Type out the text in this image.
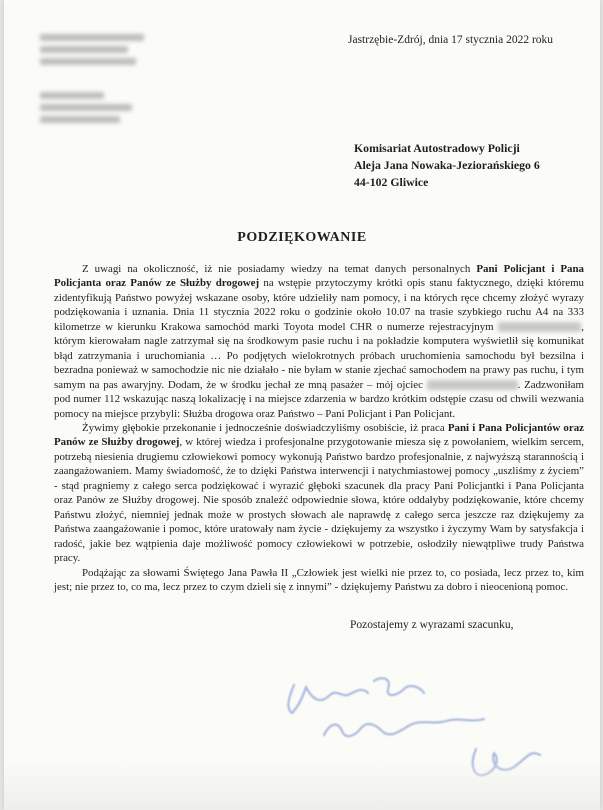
Jastrzębie-Zdrój, dnia 17 stycznia 2022 roku
Komisariat Autostradowy Policji
Aleja Jana Nowaka-Jeziorańskiego 6
44-102 Gliwice
PODZIĘKOWANIE

Z uwagi na okoliczność, iż nie posiadamy wiedzy na temat danych personalnych Pani Policjant i Pana Policjanta oraz Panów ze Służby drogowej na wstępie przytoczymy krótki opis stanu faktycznego, dzięki któremu zidentyfikują Państwo powyżej wskazane osoby, które udzieliły nam pomocy, i na których ręce chcemy złożyć wyrazy podziękowania i uznania. Dnia 11 stycznia 2022 roku o godzinie około 10.07 na trasie szybkiego ruchu A4 na 333 kilometrze w kierunku Krakowa samochód marki Toyota model CHR o numerze rejestracyjnym	, którym kierowałam nagle zatrzymał się na środkowym pasie ruchu i na pokładzie komputera wyświetlił się komunikat błąd zatrzymania i uruchomiania … Po podjętych wielokrotnych próbach uruchomienia samochodu był bezsilna i bezradna ponieważ w samochodzie nic nie działało - nie byłam w stanie zjechać samochodem na prawy pas ruchu, i tym samym na pas awaryjny. Dodam, że w środku jechał ze mną pasażer – mój ojciec	. Zadzwoniłam pod numer 112 wskazując naszą lokalizację i na miejsce zdarzenia w bardzo krótkim odstępie czasu od chwili wezwania pomocy na miejsce przybyli: Służba drogowa oraz Państwo – Pani Policjant i Pan Policjant.

Żywimy głębokie przekonanie i jednocześnie doświadczyliśmy osobiście, iż praca Pani i Pana Policjantów oraz Panów ze Służby drogowej, w której wiedza i profesjonalne przygotowanie miesza się z powołaniem, wielkim sercem, potrzebą niesienia drugiemu człowiekowi pomocy wykonują Państwo bardzo profesjonalnie, z najwyższą starannością i zaangażowaniem. Mamy świadomość, że to dzięki Państwa interwencji i natychmiastowej pomocy „uszliśmy z życiem” - stąd pragniemy z całego serca podziękować i wyrazić głęboki szacunek dla pracy Pani Policjantki i Pana Policjanta oraz Panów ze Służby drogowej. Nie sposób znaleźć odpowiednie słowa, które oddałyby podziękowanie, które chcemy Państwu złożyć, niemniej jednak może w prostych słowach ale naprawdę z całego serca jeszcze raz dziękujemy za Państwa zaangażowanie i pomoc, które uratowały nam życie - dziękujemy za wszystko i życzymy Wam by satysfakcja i radość, jakie bez wątpienia daje możliwość pomocy człowiekowi w potrzebie, osłodziły niewątpliwe trudy Państwa pracy.

Podążając za słowami Świętego Jana Pawła II „Człowiek jest wielki nie przez to, co posiada, lecz przez to, kim jest; nie przez to, co ma, lecz przez to czym dzieli się z innymi” - dziękujemy Państwu za dobro i nieocenioną pomoc.

Pozostajemy z wyrazami szacunku,
